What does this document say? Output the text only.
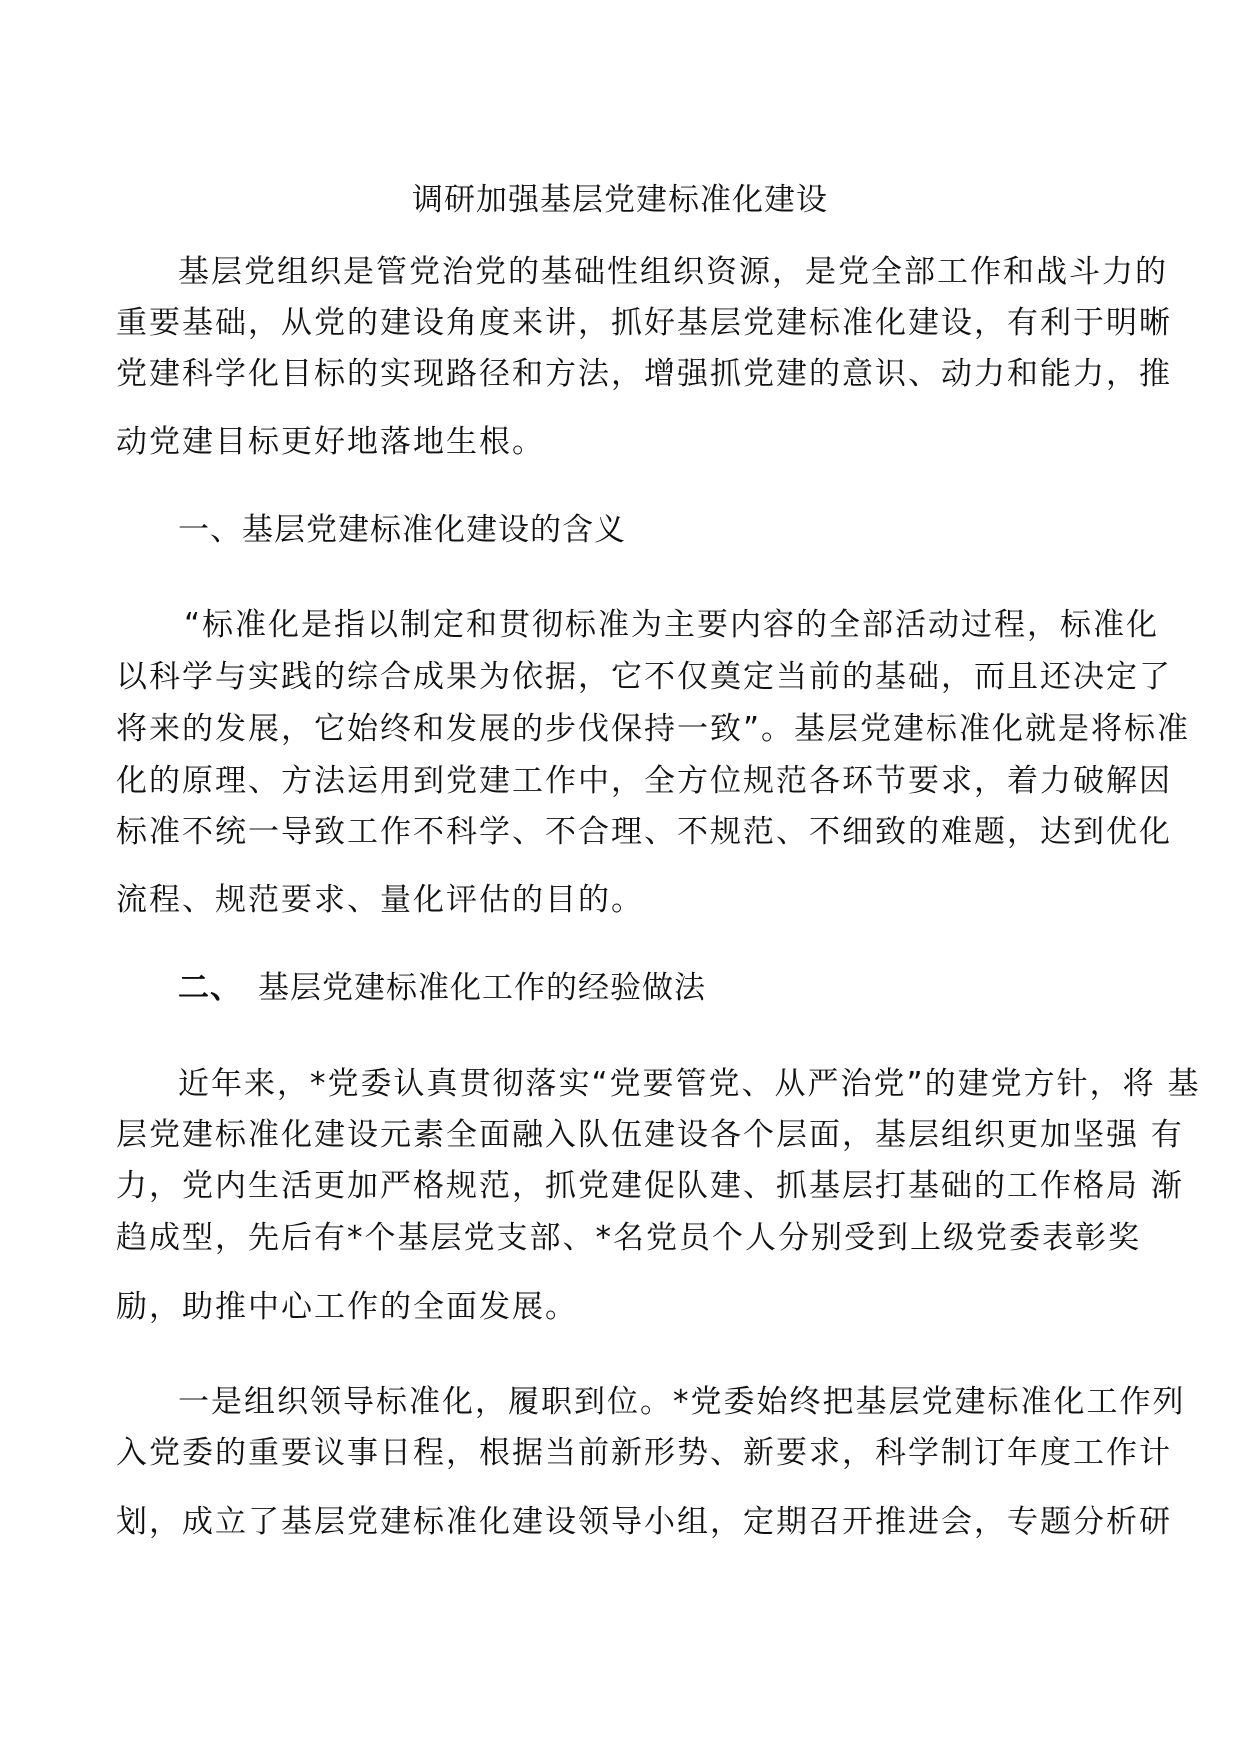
调研加强基层党建标准化建设
基层党组织是管党治党的基础性组织资源，是党全部工作和战斗力的
重要基础，从党的建设角度来讲，抓好基层党建标准化建设，有利于明晰
党建科学化目标的实现路径和方法，增强抓党建的意识、动力和能力，推
动党建目标更好地落地生根。
一、基层党建标准化建设的含义
“标准化是指以制定和贯彻标准为主要内容的全部活动过程，标准化
以科学与实践的综合成果为依据，它不仅奠定当前的基础，而且还决定了
将来的发展，它始终和发展的步伐保持一致”。基层党建标准化就是将标准
化的原理、方法运用到党建工作中，全方位规范各环节要求，着力破解因
标准不统一导致工作不科学、不合理、不规范、不细致的难题，达到优化
流程、规范要求、量化评估的目的。
二、 基层党建标准化工作的经验做法
近年来，*党委认真贯彻落实“党要管党、从严治党”的建党方针，将 基
层党建标准化建设元素全面融入队伍建设各个层面，基层组织更加坚强 有
力，党内生活更加严格规范，抓党建促队建、抓基层打基础的工作格局 渐
趋成型，先后有*个基层党支部、*名党员个人分别受到上级党委表彰奖
励，助推中心工作的全面发展。
一是组织领导标准化，履职到位。*党委始终把基层党建标准化工作列
入党委的重要议事日程，根据当前新形势、新要求，科学制订年度工作计
划，成立了基层党建标准化建设领导小组，定期召开推进会，专题分析研
